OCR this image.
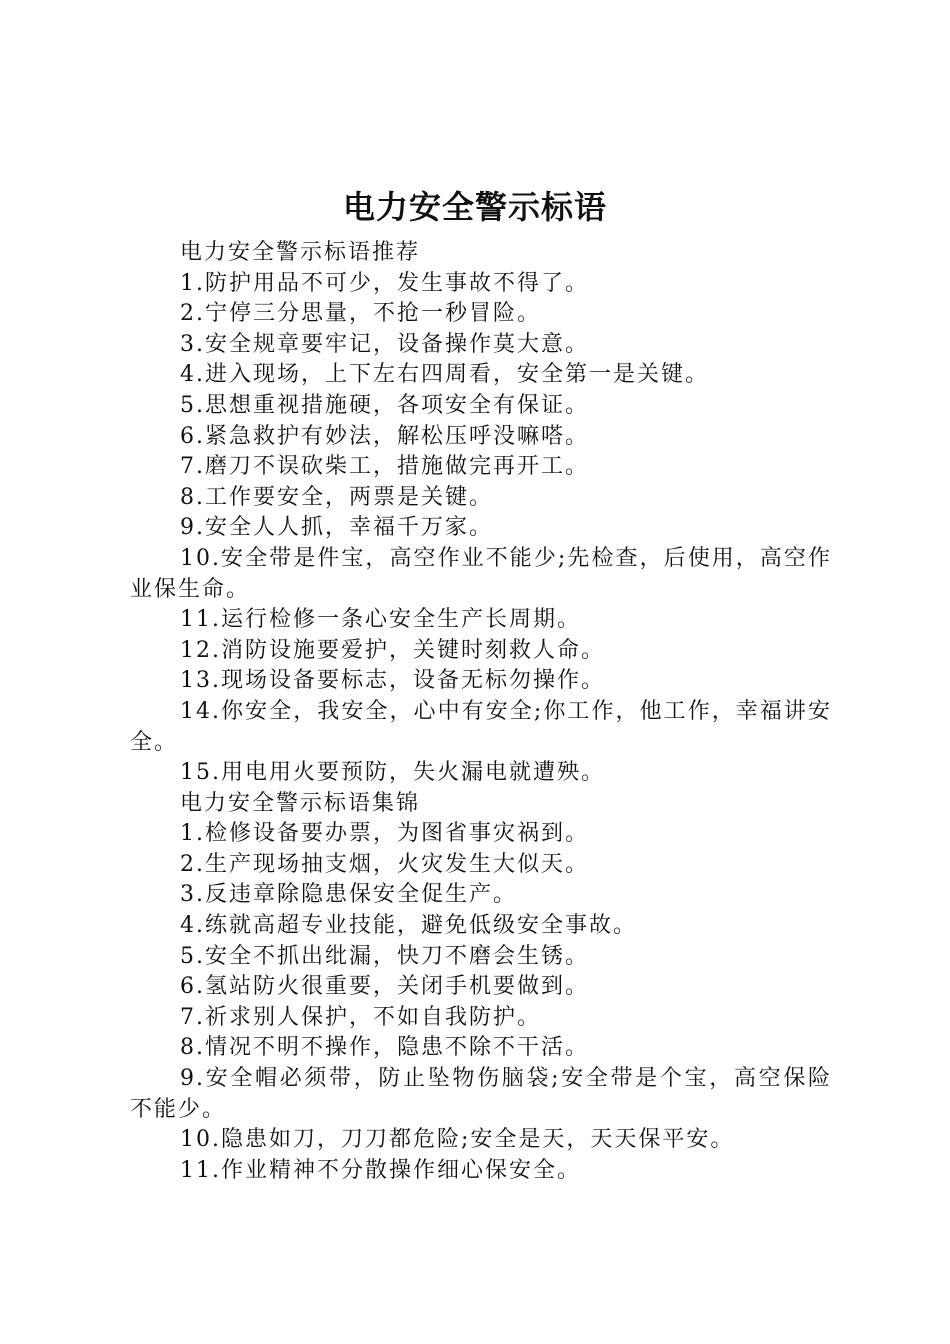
电力安全警示标语

电力安全警示标语推荐

1.防护用品不可少，发生事故不得了。

2.宁停三分思量，不抢一秒冒险。

3.安全规章要牢记，设备操作莫大意。

4.进入现场，上下左右四周看，安全第一是关键。

5.思想重视措施硬，各项安全有保证。

6.紧急救护有妙法，解松压呼没嘛嗒。

7.磨刀不误砍柴工，措施做完再开工。

8.工作要安全，两票是关键。

9.安全人人抓，幸福千万家。

10.安全带是件宝，高空作业不能少;先检查，后使用，高空作业保生命。

11.运行检修一条心安全生产长周期。

12.消防设施要爱护，关键时刻救人命。

13.现场设备要标志，设备无标勿操作。

14.你安全，我安全，心中有安全;你工作，他工作，幸福讲安全。

15.用电用火要预防，失火漏电就遭殃。

电力安全警示标语集锦

1.检修设备要办票，为图省事灾祸到。

2.生产现场抽支烟，火灾发生大似天。

3.反违章除隐患保安全促生产。

4.练就高超专业技能，避免低级安全事故。

5.安全不抓出纰漏，快刀不磨会生锈。

6.氢站防火很重要，关闭手机要做到。

7.祈求别人保护，不如自我防护。

8.情况不明不操作，隐患不除不干活。

9.安全帽必须带，防止坠物伤脑袋;安全带是个宝，高空保险不能少。

10.隐患如刀，刀刀都危险;安全是天，天天保平安。

11.作业精神不分散操作细心保安全。
